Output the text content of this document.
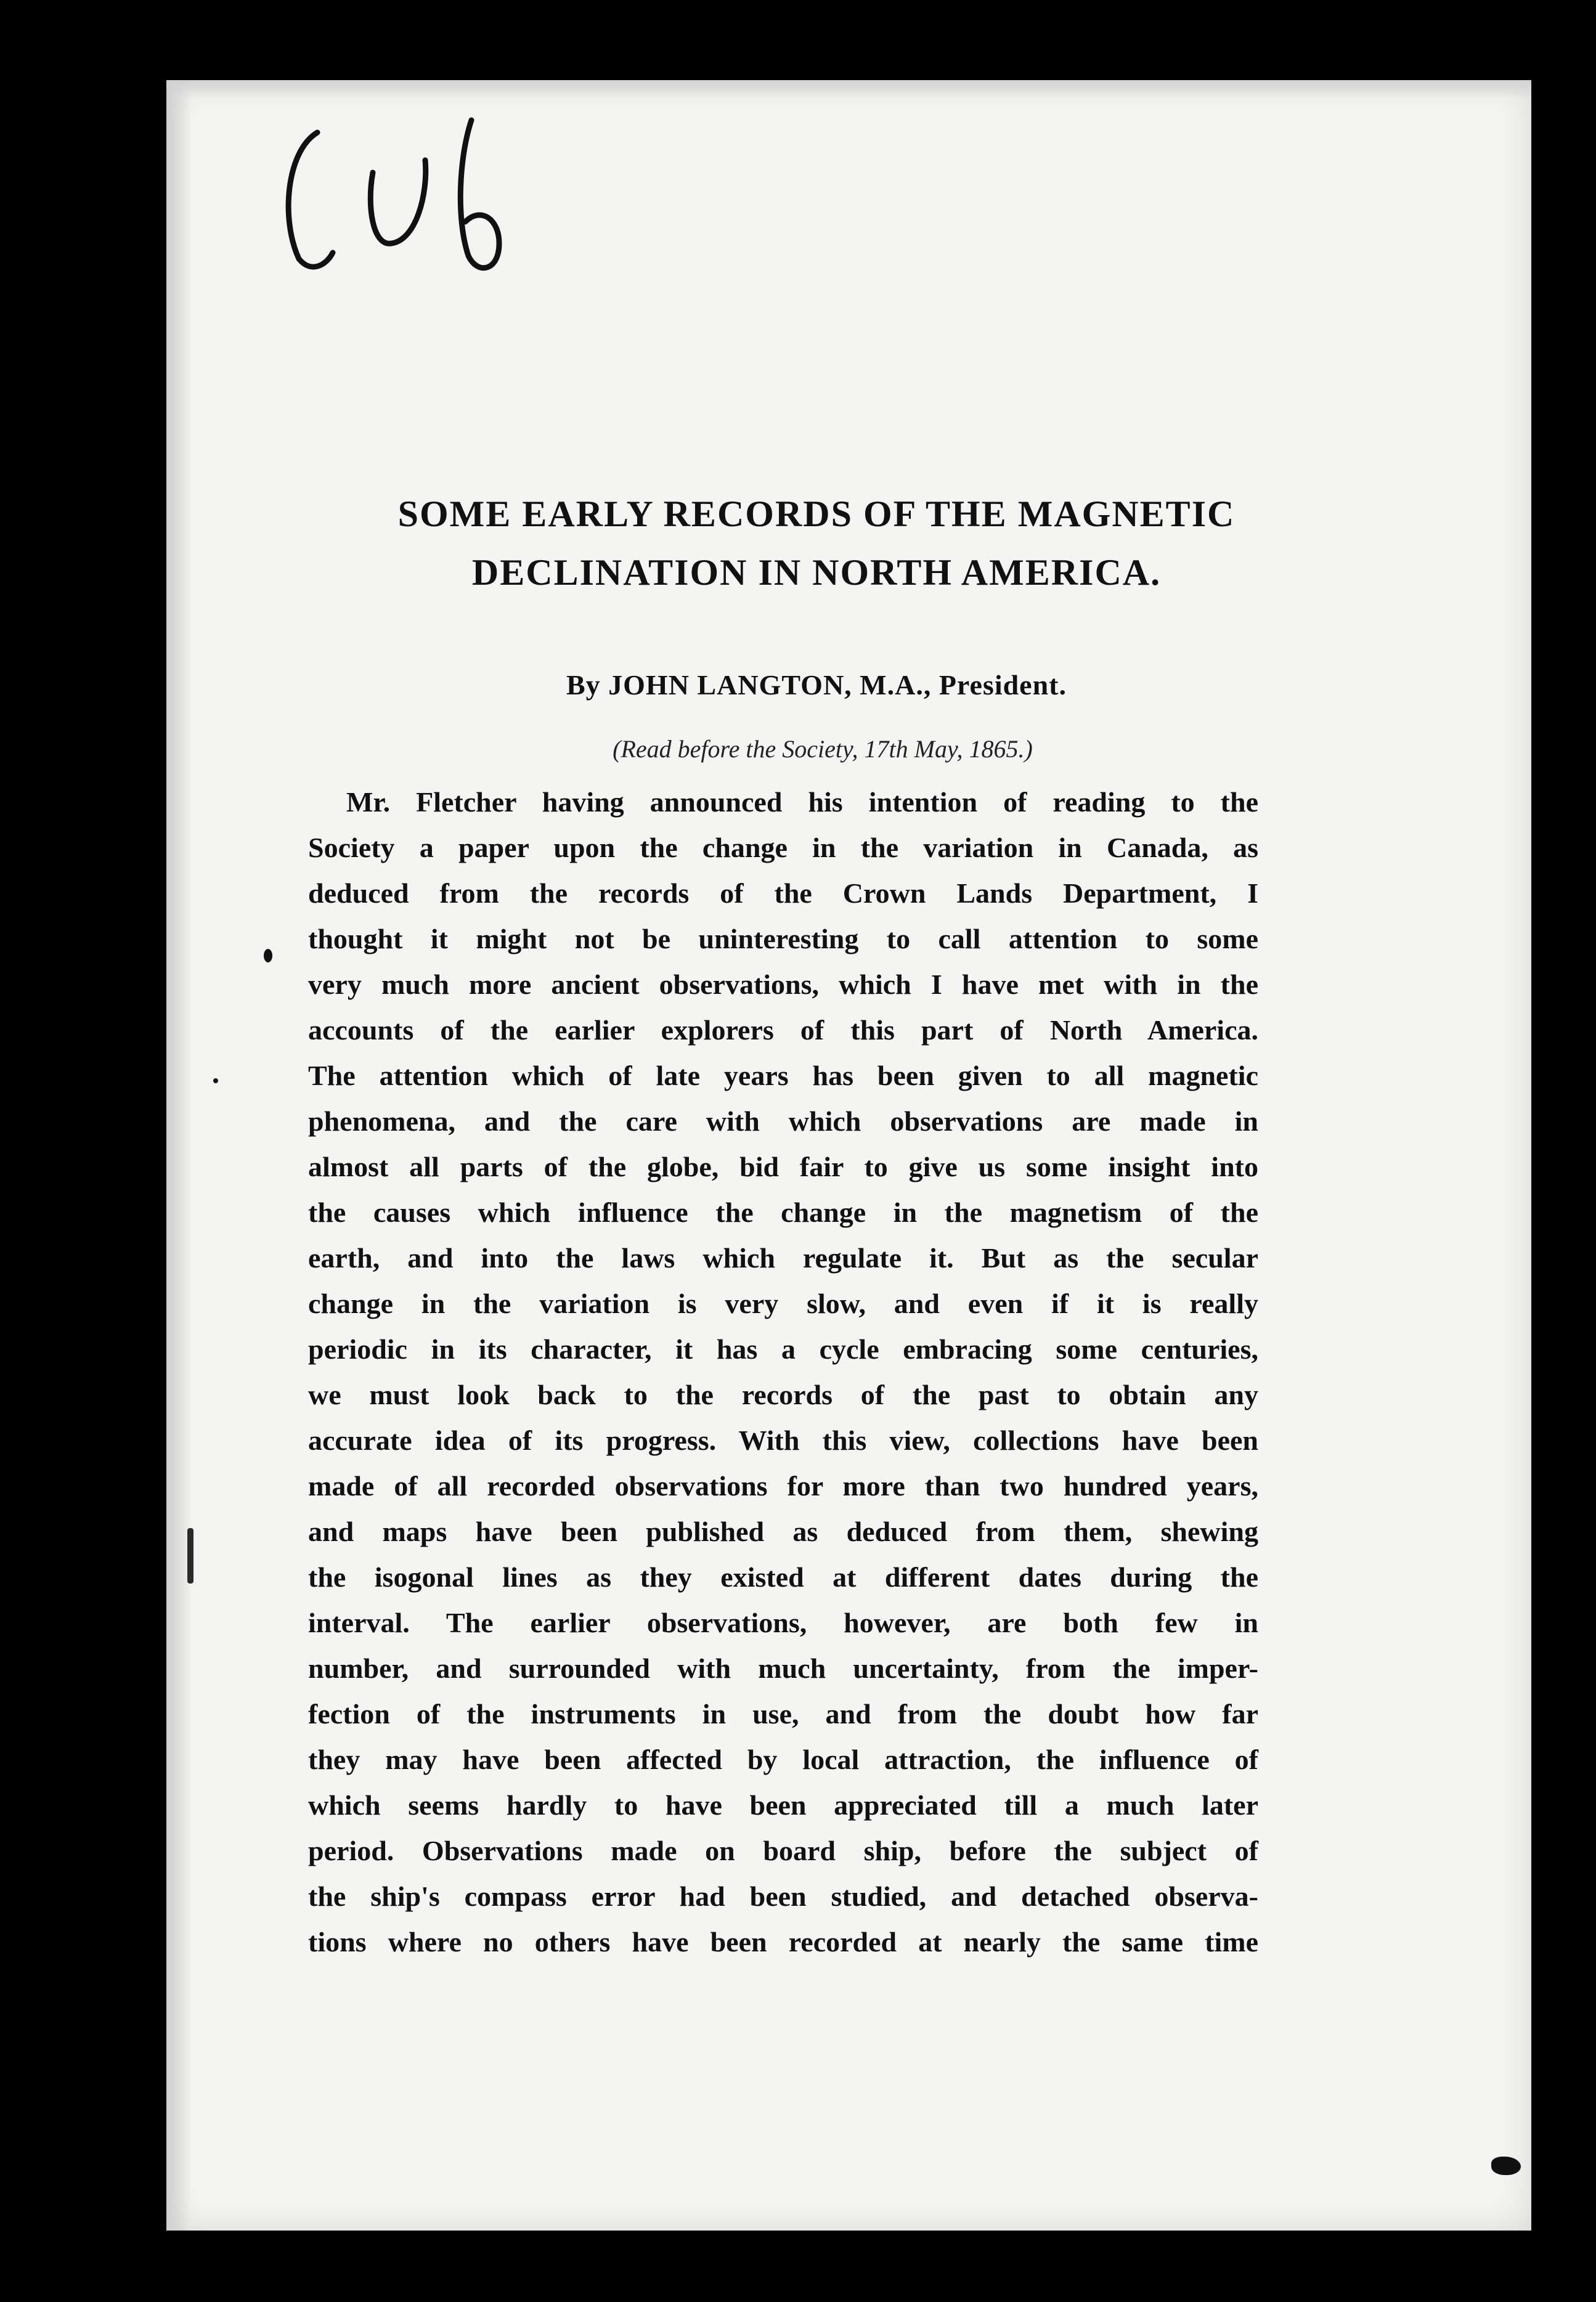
SOME EARLY RECORDS OF THE MAGNETIC
DECLINATION IN NORTH AMERICA.
By JOHN LANGTON, M.A., President.
(Read before the Society, 17th May, 1865.)
Mr. Fletcher having announced his intention of reading to the
Society a paper upon the change in the variation in Canada, as
deduced from the records of the Crown Lands Department, I
thought it might not be uninteresting to call attention to some
very much more ancient observations, which I have met with in the
accounts of the earlier explorers of this part of North America.
The attention which of late years has been given to all magnetic
phenomena, and the care with which observations are made in
almost all parts of the globe, bid fair to give us some insight into
the causes which influence the change in the magnetism of the
earth, and into the laws which regulate it. But as the secular
change in the variation is very slow, and even if it is really
periodic in its character, it has a cycle embracing some centuries,
we must look back to the records of the past to obtain any
accurate idea of its progress. With this view, collections have been
made of all recorded observations for more than two hundred years,
and maps have been published as deduced from them, shewing
the isogonal lines as they existed at different dates during the
interval. The earlier observations, however, are both few in
number, and surrounded with much uncertainty, from the imper-
fection of the instruments in use, and from the doubt how far
they may have been affected by local attraction, the influence of
which seems hardly to have been appreciated till a much later
period. Observations made on board ship, before the subject of
the ship's compass error had been studied, and detached observa-
tions where no others have been recorded at nearly the same time
